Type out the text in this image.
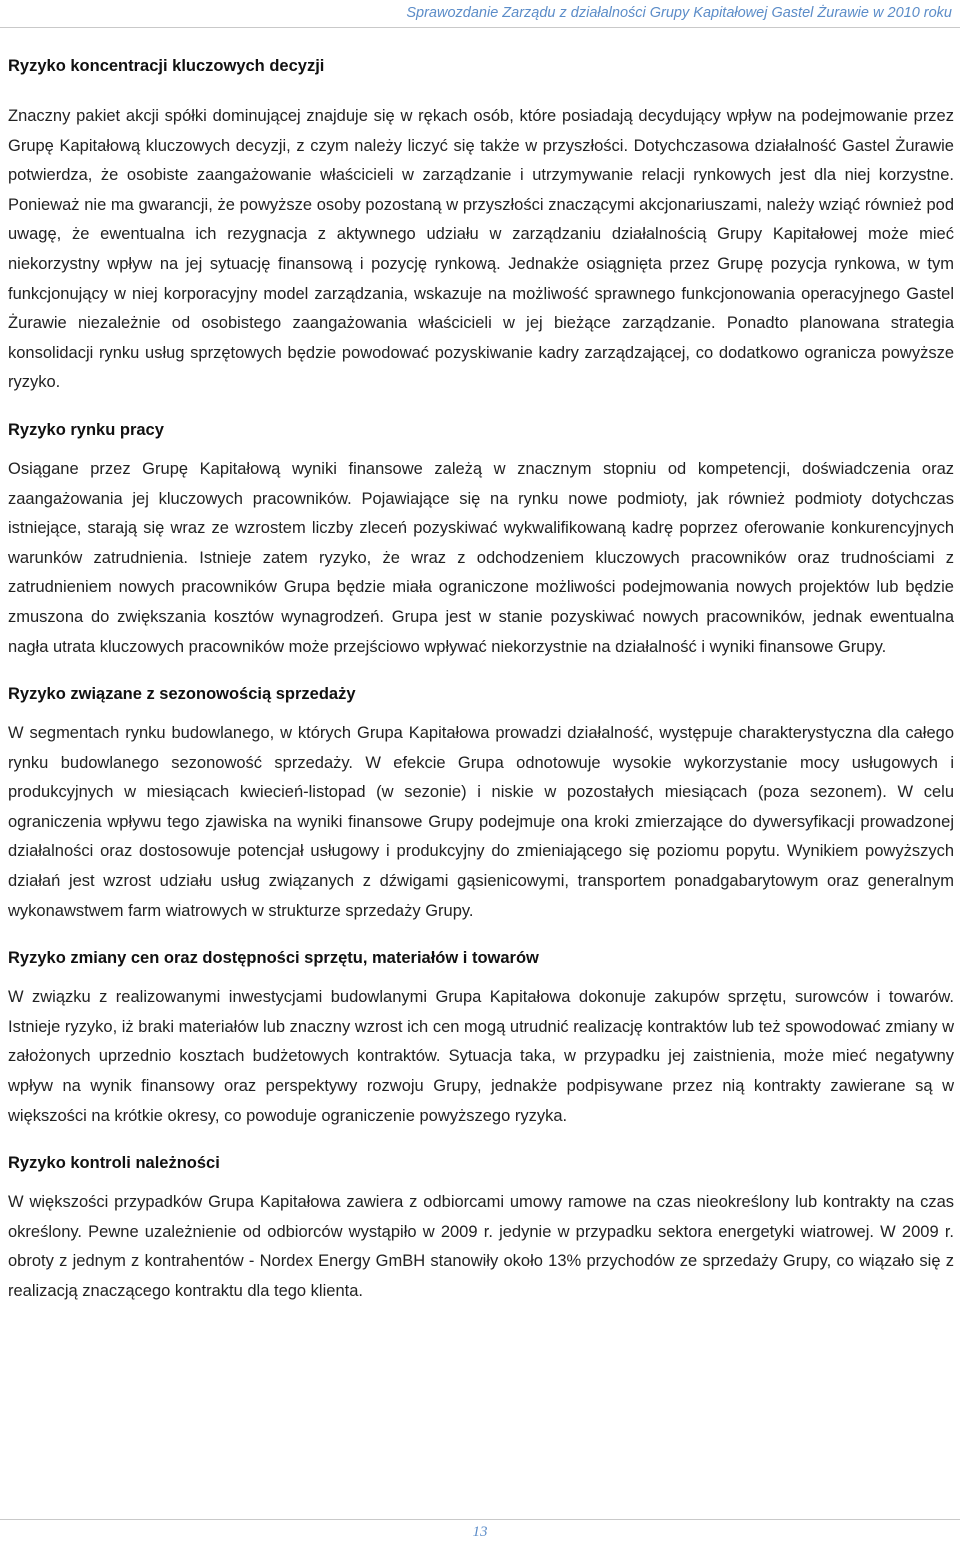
Sprawozdanie Zarządu z działalności Grupy Kapitałowej Gastel Żurawie w 2010 roku
Ryzyko koncentracji kluczowych decyzji

Znaczny pakiet akcji spółki dominującej znajduje się w rękach osób, które posiadają decydujący wpływ na podejmowanie przez Grupę Kapitałową kluczowych decyzji, z czym należy liczyć się także w przyszłości. Dotychczasowa działalność Gastel Żurawie potwierdza, że osobiste zaangażowanie właścicieli w zarządzanie i utrzymywanie relacji rynkowych jest dla niej korzystne. Ponieważ nie ma gwarancji, że powyższe osoby pozostaną w przyszłości znaczącymi akcjonariuszami, należy wziąć również pod uwagę, że ewentualna ich rezygnacja z aktywnego udziału w zarządzaniu działalnością Grupy Kapitałowej może mieć niekorzystny wpływ na jej sytuację finansową i pozycję rynkową. Jednakże osiągnięta przez Grupę pozycja rynkowa, w tym funkcjonujący w niej korporacyjny model zarządzania, wskazuje na możliwość sprawnego funkcjonowania operacyjnego Gastel Żurawie niezależnie od osobistego zaangażowania właścicieli w jej bieżące zarządzanie. Ponadto planowana strategia konsolidacji rynku usług sprzętowych będzie powodować pozyskiwanie kadry zarządzającej, co dodatkowo ogranicza powyższe ryzyko.

Ryzyko rynku pracy

Osiągane przez Grupę Kapitałową wyniki finansowe zależą w znacznym stopniu od kompetencji, doświadczenia oraz zaangażowania jej kluczowych pracowników. Pojawiające się na rynku nowe podmioty, jak również podmioty dotychczas istniejące, starają się wraz ze wzrostem liczby zleceń pozyskiwać wykwalifikowaną kadrę poprzez oferowanie konkurencyjnych warunków zatrudnienia. Istnieje zatem ryzyko, że wraz z odchodzeniem kluczowych pracowników oraz trudnościami z zatrudnieniem nowych pracowników Grupa będzie miała ograniczone możliwości podejmowania nowych projektów lub będzie zmuszona do zwiększania kosztów wynagrodzeń. Grupa jest w stanie pozyskiwać nowych pracowników, jednak ewentualna nagła utrata kluczowych pracowników może przejściowo wpływać niekorzystnie na działalność i wyniki finansowe Grupy.

Ryzyko związane z sezonowością sprzedaży

W segmentach rynku budowlanego, w których Grupa Kapitałowa prowadzi działalność, występuje charakterystyczna dla całego rynku budowlanego sezonowość sprzedaży. W efekcie Grupa odnotowuje wysokie wykorzystanie mocy usługowych i produkcyjnych w miesiącach kwiecień-listopad (w sezonie) i niskie w pozostałych miesiącach (poza sezonem). W celu ograniczenia wpływu tego zjawiska na wyniki finansowe Grupy podejmuje ona kroki zmierzające do dywersyfikacji prowadzonej działalności oraz dostosowuje potencjał usługowy i produkcyjny do zmieniającego się poziomu popytu. Wynikiem powyższych działań jest wzrost udziału usług związanych z dźwigami gąsienicowymi, transportem ponadgabarytowym oraz generalnym wykonawstwem farm wiatrowych w strukturze sprzedaży Grupy.

Ryzyko zmiany cen oraz dostępności sprzętu, materiałów i towarów

W związku z realizowanymi inwestycjami budowlanymi Grupa Kapitałowa dokonuje zakupów sprzętu, surowców i towarów. Istnieje ryzyko, iż braki materiałów lub znaczny wzrost ich cen mogą utrudnić realizację kontraktów lub też spowodować zmiany w założonych uprzednio kosztach budżetowych kontraktów. Sytuacja taka, w przypadku jej zaistnienia, może mieć negatywny wpływ na wynik finansowy oraz perspektywy rozwoju Grupy, jednakże podpisywane przez nią kontrakty zawierane są w większości na krótkie okresy, co powoduje ograniczenie powyższego ryzyka.

Ryzyko kontroli należności

W większości przypadków Grupa Kapitałowa zawiera z odbiorcami umowy ramowe na czas nieokreślony lub kontrakty na czas określony. Pewne uzależnienie od odbiorców wystąpiło w 2009 r. jedynie w przypadku sektora energetyki wiatrowej. W 2009 r. obroty z jednym z kontrahentów - Nordex Energy GmBH stanowiły około 13% przychodów ze sprzedaży Grupy, co wiązało się z realizacją znaczącego kontraktu dla tego klienta.

13
